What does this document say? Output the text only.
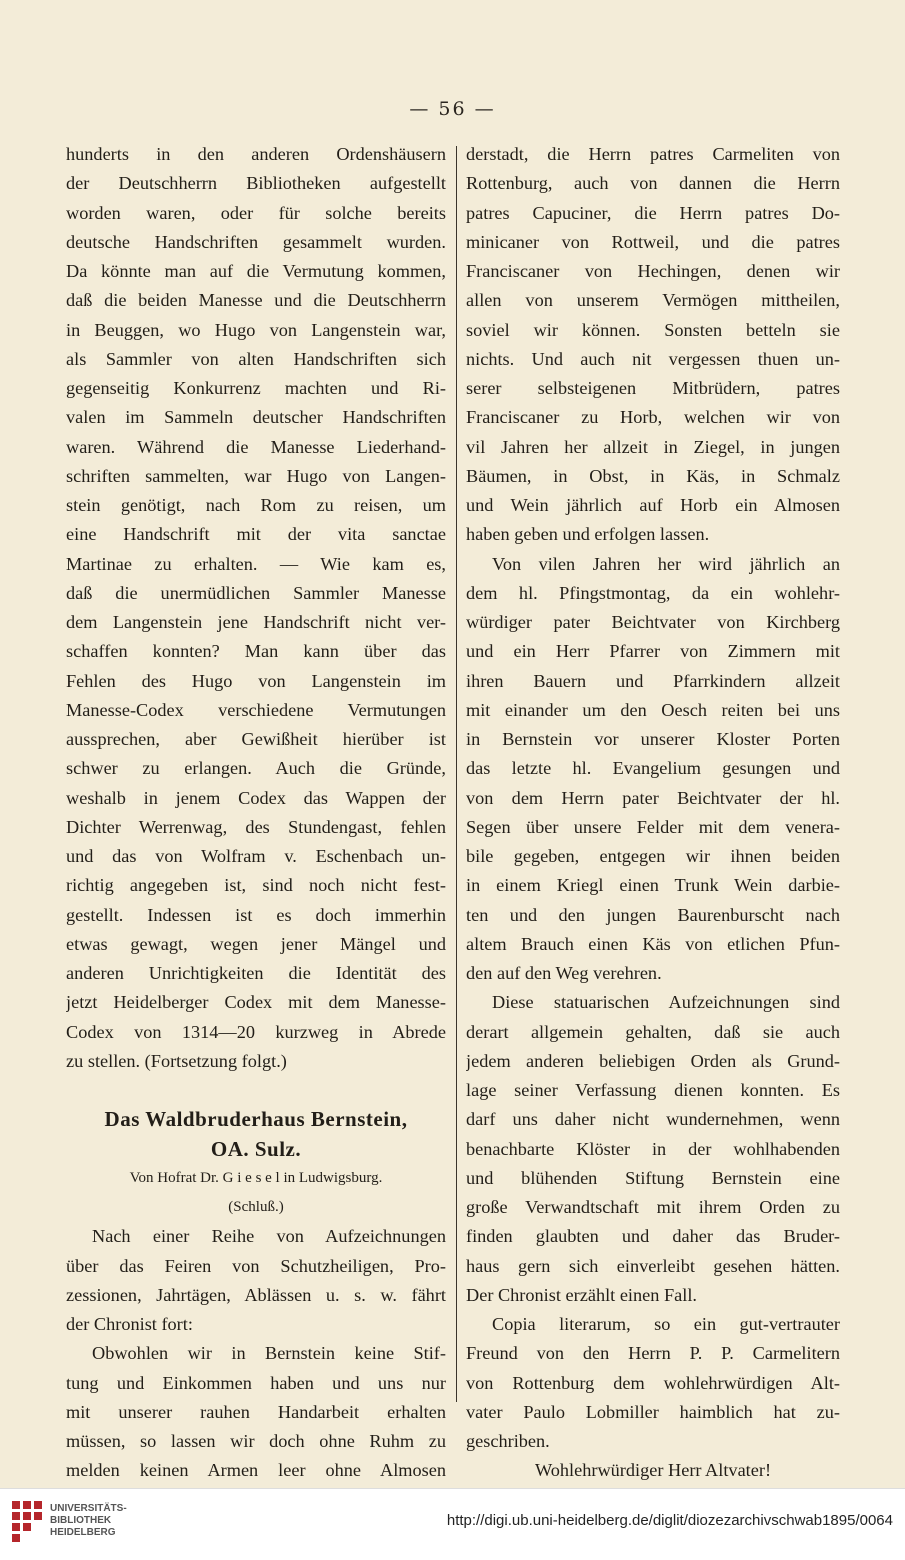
— 56 —
hunderts in den anderen Ordenshäusern
der Deutschherrn Bibliotheken aufgestellt
worden waren, oder für solche bereits
deutsche Handschriften gesammelt wurden.
Da könnte man auf die Vermutung kommen,
daß die beiden Manesse und die Deutschherrn
in Beuggen, wo Hugo von Langenstein war,
als Sammler von alten Handschriften sich
gegenseitig Konkurrenz machten und Ri-
valen im Sammeln deutscher Handschriften
waren. Während die Manesse Liederhand-
schriften sammelten, war Hugo von Langen-
stein genötigt, nach Rom zu reisen, um
eine Handschrift mit der vita sanctae
Martinae zu erhalten. — Wie kam es,
daß die unermüdlichen Sammler Manesse
dem Langenstein jene Handschrift nicht ver-
schaffen konnten? Man kann über das
Fehlen des Hugo von Langenstein im
Manesse-Codex verschiedene Vermutungen
aussprechen, aber Gewißheit hierüber ist
schwer zu erlangen. Auch die Gründe,
weshalb in jenem Codex das Wappen der
Dichter Werrenwag, des Stundengast, fehlen
und das von Wolfram v. Eschenbach un-
richtig angegeben ist, sind noch nicht fest-
gestellt. Indessen ist es doch immerhin
etwas gewagt, wegen jener Mängel und
anderen Unrichtigkeiten die Identität des
jetzt Heidelberger Codex mit dem Manesse-
Codex von 1314—20 kurzweg in Abrede
zu stellen. (Fortsetzung folgt.)
Das Waldbruderhaus Bernstein,
OA. Sulz.
Von Hofrat Dr. G i e s e l in Ludwigsburg.
(Schluß.)
Nach einer Reihe von Aufzeichnungen
über das Feiren von Schutzheiligen, Pro-
zessionen, Jahrtägen, Ablässen u. s. w. fährt
der Chronist fort:
Obwohlen wir in Bernstein keine Stif-
tung und Einkommen haben und uns nur
mit unserer rauhen Handarbeit erhalten
müssen, so lassen wir doch ohne Ruhm zu
melden keinen Armen leer ohne Almosen
derstadt, die Herrn patres Carmeliten von
Rottenburg, auch von dannen die Herrn
patres Capuciner, die Herrn patres Do-
minicaner von Rottweil, und die patres
Franciscaner von Hechingen, denen wir
allen von unserem Vermögen mittheilen,
soviel wir können. Sonsten betteln sie
nichts. Und auch nit vergessen thuen un-
serer selbsteigenen Mitbrüdern, patres
Franciscaner zu Horb, welchen wir von
vil Jahren her allzeit in Ziegel, in jungen
Bäumen, in Obst, in Käs, in Schmalz
und Wein jährlich auf Horb ein Almosen
haben geben und erfolgen lassen.
Von vilen Jahren her wird jährlich an
dem hl. Pfingstmontag, da ein wohlehr-
würdiger pater Beichtvater von Kirchberg
und ein Herr Pfarrer von Zimmern mit
ihren Bauern und Pfarrkindern allzeit
mit einander um den Oesch reiten bei uns
in Bernstein vor unserer Kloster Porten
das letzte hl. Evangelium gesungen und
von dem Herrn pater Beichtvater der hl.
Segen über unsere Felder mit dem venera-
bile gegeben, entgegen wir ihnen beiden
in einem Kriegl einen Trunk Wein darbie-
ten und den jungen Baurenburscht nach
altem Brauch einen Käs von etlichen Pfun-
den auf den Weg verehren.
Diese statuarischen Aufzeichnungen sind
derart allgemein gehalten, daß sie auch
jedem anderen beliebigen Orden als Grund-
lage seiner Verfassung dienen konnten. Es
darf uns daher nicht wundernehmen, wenn
benachbarte Klöster in der wohlhabenden
und blühenden Stiftung Bernstein eine
große Verwandtschaft mit ihrem Orden zu
finden glaubten und daher das Bruder-
haus gern sich einverleibt gesehen hätten.
Der Chronist erzählt einen Fall.
Copia literarum, so ein gut-vertrauter
Freund von den Herrn P. P. Carmelitern
von Rottenburg dem wohlehrwürdigen Alt-
vater Paulo Lobmiller haimblich hat zu-
geschriben.
Wohlehrwürdiger Herr Altvater!
UNIVERSITÄTS-
BIBLIOTHEK
HEIDELBERG
http://digi.ub.uni-heidelberg.de/diglit/diozezarchivschwab1895/0064
